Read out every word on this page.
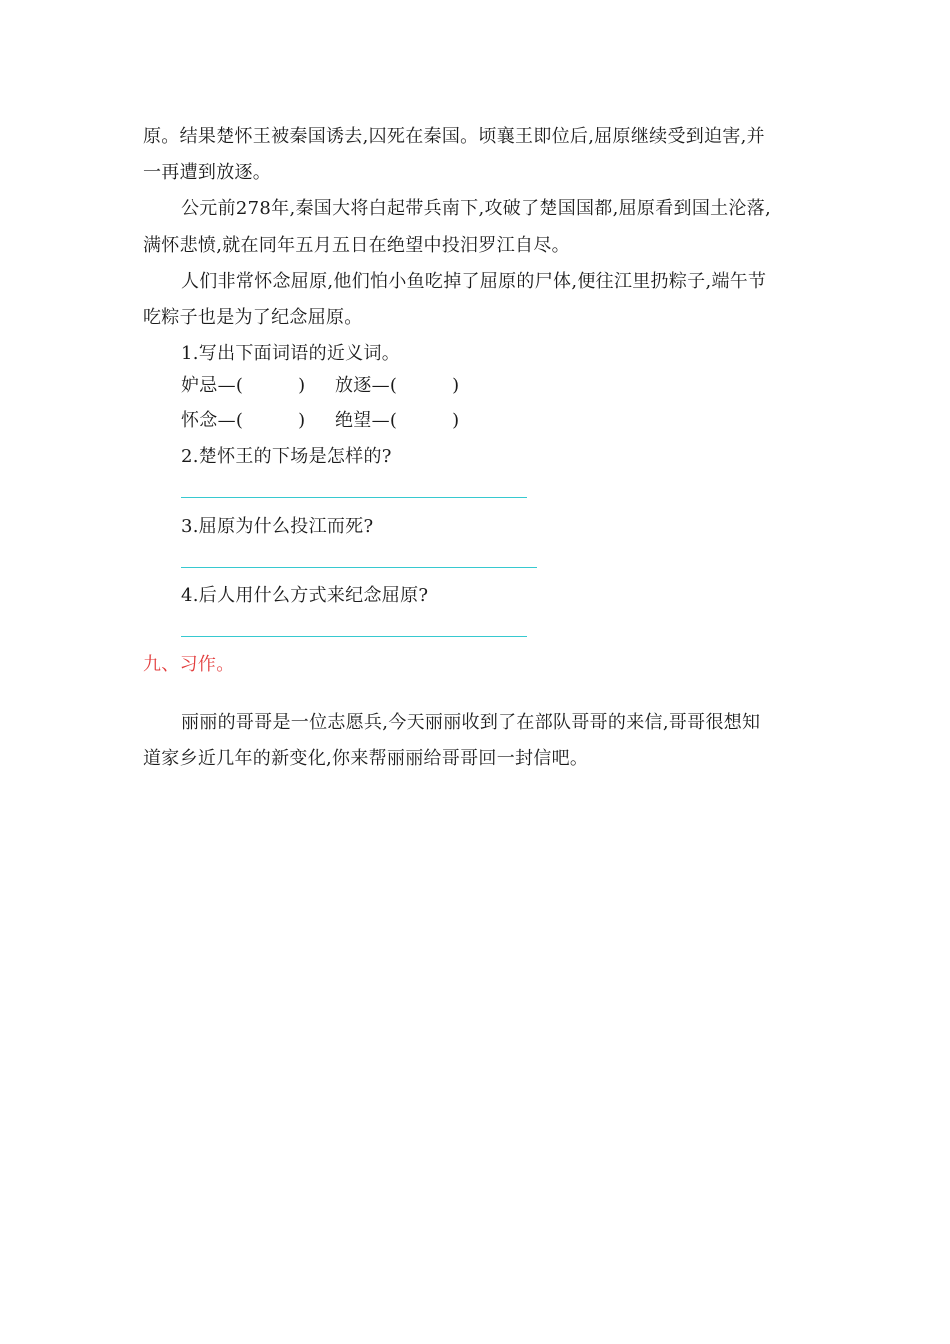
原。结果楚怀王被秦国诱去,囚死在秦国。顷襄王即位后,屈原继续受到迫害,并
一再遭到放逐。
公元前278年,秦国大将白起带兵南下,攻破了楚国国都,屈原看到国土沦落,
满怀悲愤,就在同年五月五日在绝望中投汨罗江自尽。
人们非常怀念屈原,他们怕小鱼吃掉了屈原的尸体,便往江里扔粽子,端午节
吃粽子也是为了纪念屈原。
1.写出下面词语的近义词。
妒忌—(　　　) 放逐—(　　　)
怀念—(　　　) 绝望—(　　　)
2.楚怀王的下场是怎样的?
3.屈原为什么投江而死?
4.后人用什么方式来纪念屈原?
九、习作。
丽丽的哥哥是一位志愿兵,今天丽丽收到了在部队哥哥的来信,哥哥很想知
道家乡近几年的新变化,你来帮丽丽给哥哥回一封信吧。
